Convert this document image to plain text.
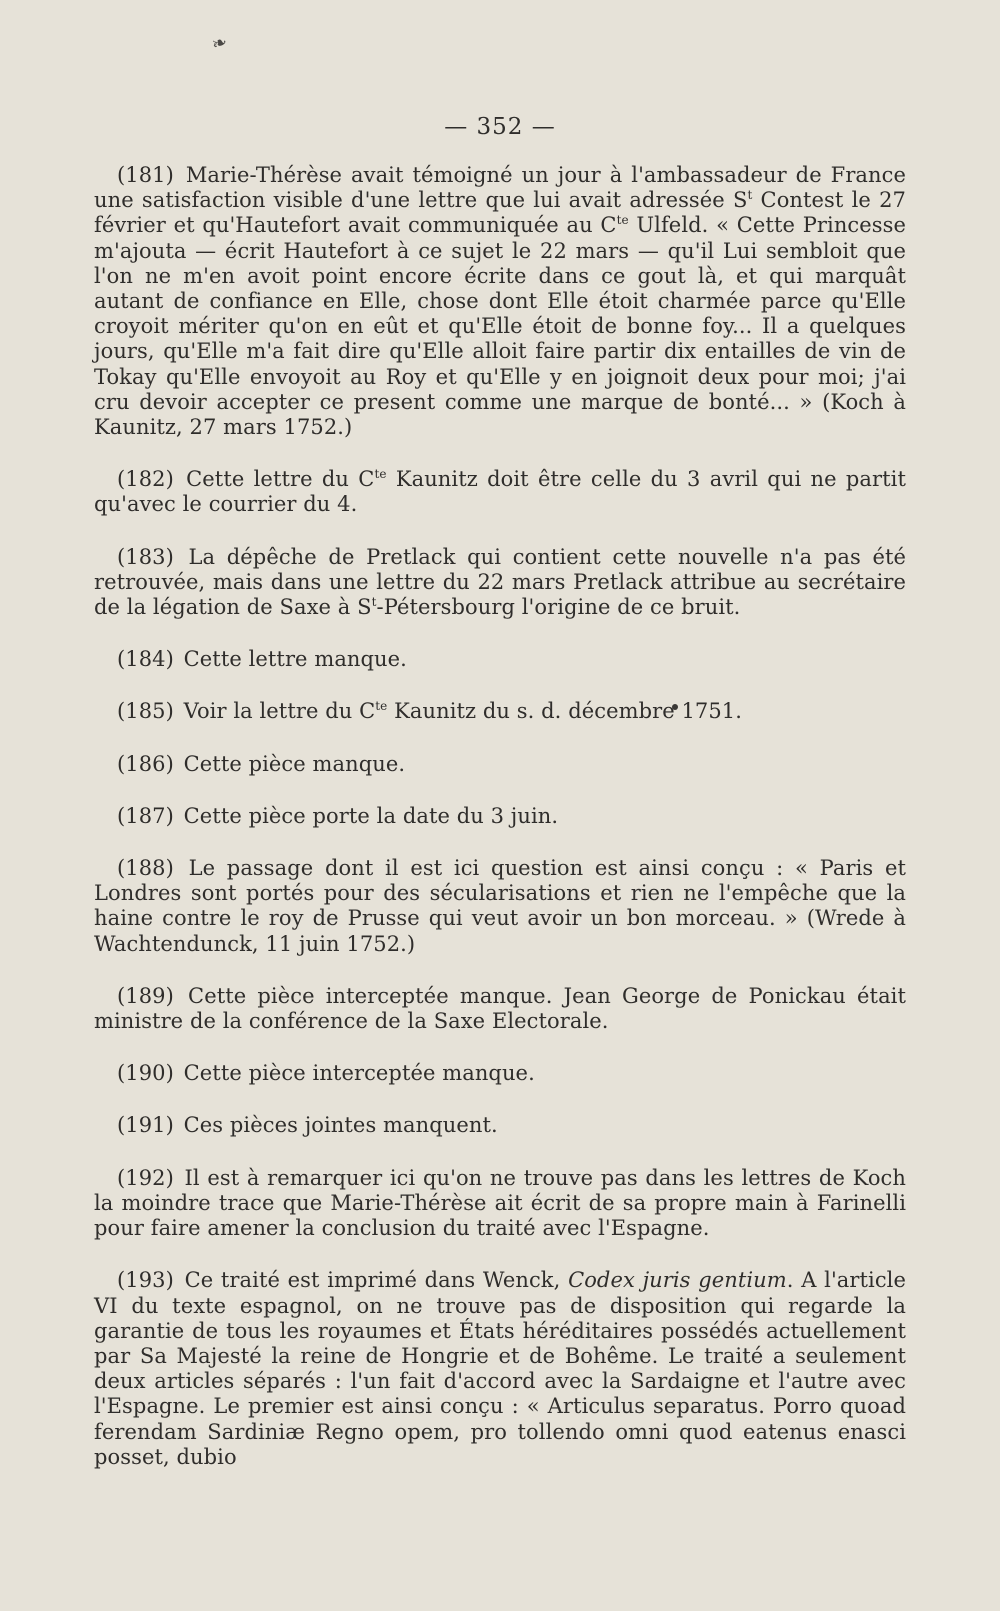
❧
— 352 —

(181) Marie-Thérèse avait témoigné un jour à l'ambassadeur de France une satisfaction visible d'une lettre que lui avait adressée $S^t$ Contest le 27 février et qu'Hautefort avait communiquée au $C^{te}$ Ulfeld. « Cette Princesse m'ajouta — écrit Hautefort à ce sujet le 22 mars — qu'il Lui sembloit que l'on ne m'en avoit point encore écrite dans ce gout là, et qui marquât autant de confiance en Elle, chose dont Elle étoit charmée parce qu'Elle croyoit mériter qu'on en eût et qu'Elle étoit de bonne foy... Il a quelques jours, qu'Elle m'a fait dire qu'Elle alloit faire partir dix entailles de vin de Tokay qu'Elle envoyoit au Roy et qu'Elle y en joignoit deux pour moi; j'ai cru devoir accepter ce present comme une marque de bonté... » (Koch à Kaunitz, 27 mars 1752.)

(182) Cette lettre du $C^{te}$ Kaunitz doit être celle du 3 avril qui ne partit qu'avec le courrier du 4.

(183) La dépêche de Pretlack qui contient cette nouvelle n'a pas été retrouvée, mais dans une lettre du 22 mars Pretlack attribue au secrétaire de la légation de Saxe à $S^t$-Pétersbourg l'origine de ce bruit.

(184) Cette lettre manque.

(185) Voir la lettre du $C^{te}$ Kaunitz du s. d. décembre 1751.

(186) Cette pièce manque.

(187) Cette pièce porte la date du 3 juin.

(188) Le passage dont il est ici question est ainsi conçu : « Paris et Londres sont portés pour des sécularisations et rien ne l'empêche que la haine contre le roy de Prusse qui veut avoir un bon morceau. » (Wrede à Wachtendunck, 11 juin 1752.)

(189) Cette pièce interceptée manque. Jean George de Ponickau était ministre de la conférence de la Saxe Electorale.

(190) Cette pièce interceptée manque.

(191) Ces pièces jointes manquent.

(192) Il est à remarquer ici qu'on ne trouve pas dans les lettres de Koch la moindre trace que Marie-Thérèse ait écrit de sa propre main à Farinelli pour faire amener la conclusion du traité avec l'Espagne.

(193) Ce traité est imprimé dans Wenck, Codex juris gentium. A l'article VI du texte espagnol, on ne trouve pas de disposition qui regarde la garantie de tous les royaumes et États héréditaires possédés actuellement par Sa Majesté la reine de Hongrie et de Bohême. Le traité a seulement deux articles séparés : l'un fait d'accord avec la Sardaigne et l'autre avec l'Espagne. Le premier est ainsi conçu : « Articulus separatus. Porro quoad ferendam Sardiniæ Regno opem, pro tollendo omni quod eatenus enasci posset, dubio
